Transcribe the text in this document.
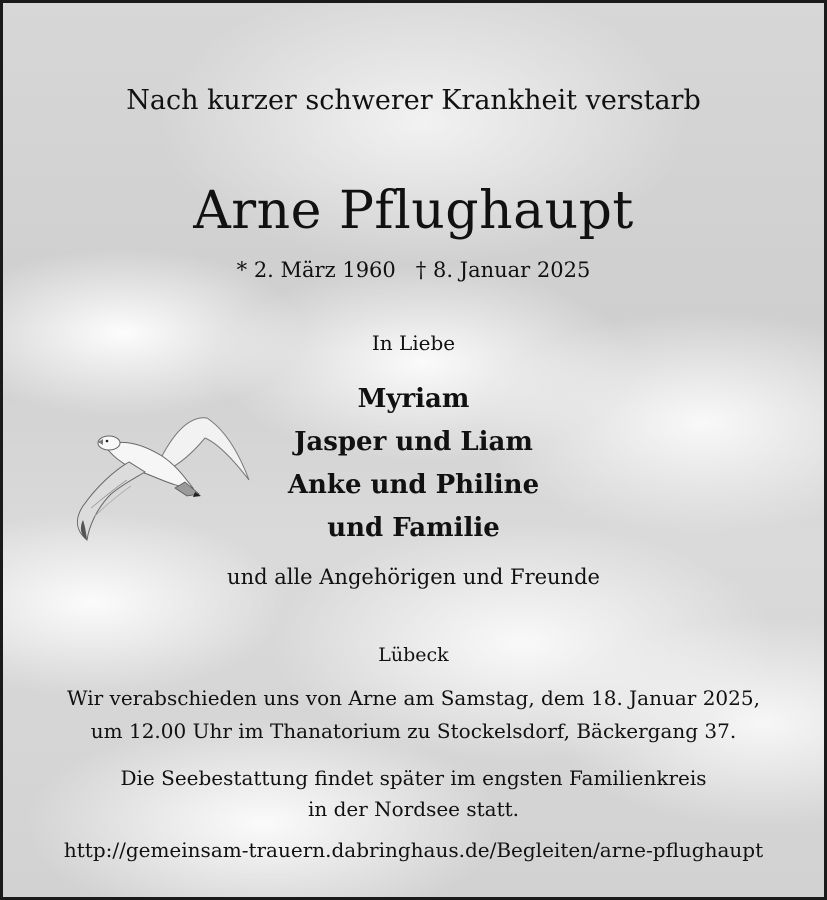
Nach kurzer schwerer Krankheit verstarb
Arne Pflughaupt
* 2. März 1960 † 8. Januar 2025
In Liebe
Myriam
Jasper und Liam
Anke und Philine
und Familie
und alle Angehörigen und Freunde
Lübeck
Wir verabschieden uns von Arne am Samstag, dem 18. Januar 2025,
um 12.00 Uhr im Thanatorium zu Stockelsdorf, Bäckergang 37.
Die Seebestattung findet später im engsten Familienkreis
in der Nordsee statt.
http://gemeinsam-trauern.dabringhaus.de/Begleiten/arne-pflughaupt
